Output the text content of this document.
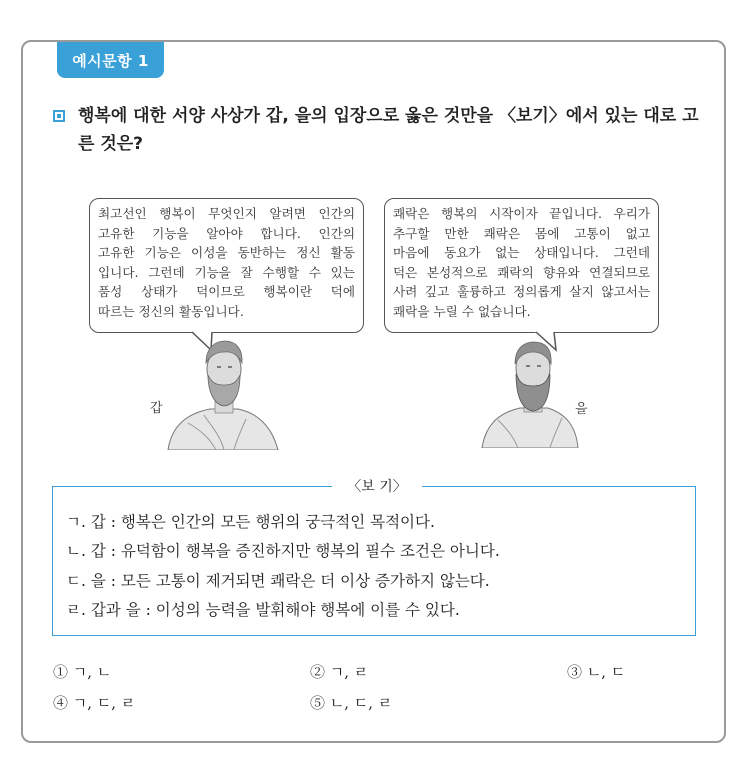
예시문항 1
행복에 대한 서양 사상가 갑, 을의 입장으로 옳은 것만을 〈보기〉에서 있는 대로 고른 것은?
최고선인 행복이 무엇인지 알려면 인간의
고유한 기능을 알아야 합니다. 인간의
고유한 기능은 이성을 동반하는 정신 활동
입니다. 그런데 기능을 잘 수행할 수 있는
품성 상태가 덕이므로 행복이란 덕에
따르는 정신의 활동입니다.
쾌락은 행복의 시작이자 끝입니다. 우리가
추구할 만한 쾌락은 몸에 고통이 없고
마음에 동요가 없는 상태입니다. 그런데
덕은 본성적으로 쾌락의 향유와 연결되므로
사려 깊고 훌륭하고 정의롭게 살지 않고서는
쾌락을 누릴 수 없습니다.
갑	을
〈보 기〉
ㄱ. 갑 : 행복은 인간의 모든 행위의 궁극적인 목적이다.
ㄴ. 갑 : 유덕함이 행복을 증진하지만 행복의 필수 조건은 아니다.
ㄷ. 을 : 모든 고통이 제거되면 쾌락은 더 이상 증가하지 않는다.
ㄹ. 갑과 을 : 이성의 능력을 발휘해야 행복에 이를 수 있다.
① ㄱ, ㄴ	② ㄱ, ㄹ	③ ㄴ, ㄷ
④ ㄱ, ㄷ, ㄹ	⑤ ㄴ, ㄷ, ㄹ
